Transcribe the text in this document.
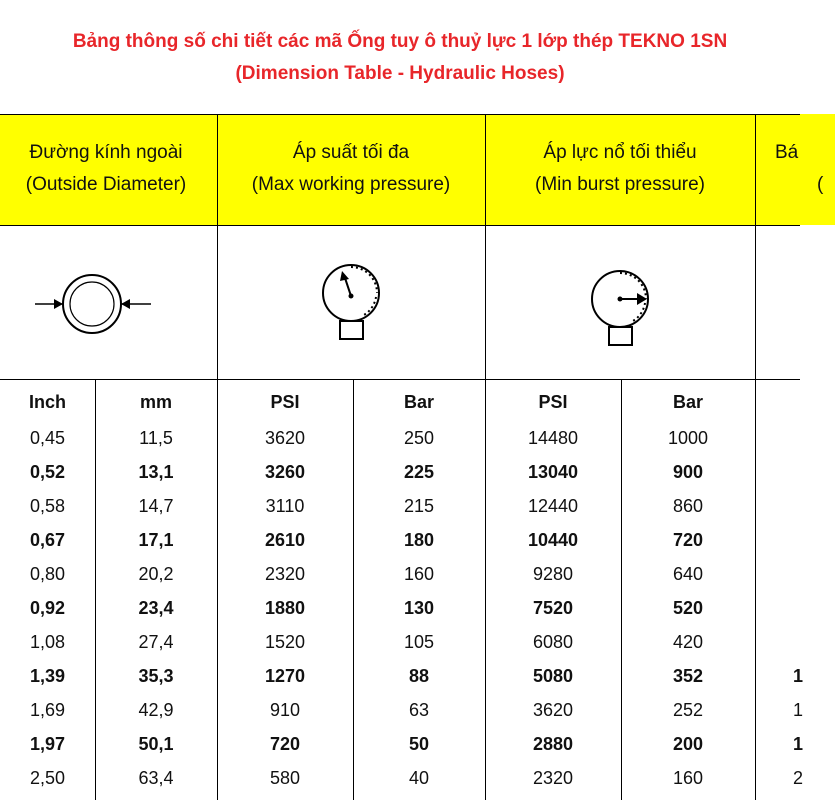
Bảng thông số chi tiết các mã Ống tuy ô thuỷ lực 1 lớp thép TEKNO 1SN
(Dimension Table - Hydraulic Hoses)
Đường kính ngoài
(Outside Diameter)
Áp suất tối đa
(Max working pressure)
Áp lực nổ tối thiểu
(Min burst pressure)
Bá
(
Inch	mm	PSI	Bar	PSI	Bar
0,45	11,5	3620	250	14480	1000
0,52	13,1	3260	225	13040	900
0,58	14,7	3110	215	12440	860
0,67	17,1	2610	180	10440	720
0,80	20,2	2320	160	9280	640
0,92	23,4	1880	130	7520	520
1,08	27,4	1520	105	6080	420
1,39	35,3	1270	88	5080	352	1
1,69	42,9	910	63	3620	252	1
1,97	50,1	720	50	2880	200	1
2,50	63,4	580	40	2320	160	2
